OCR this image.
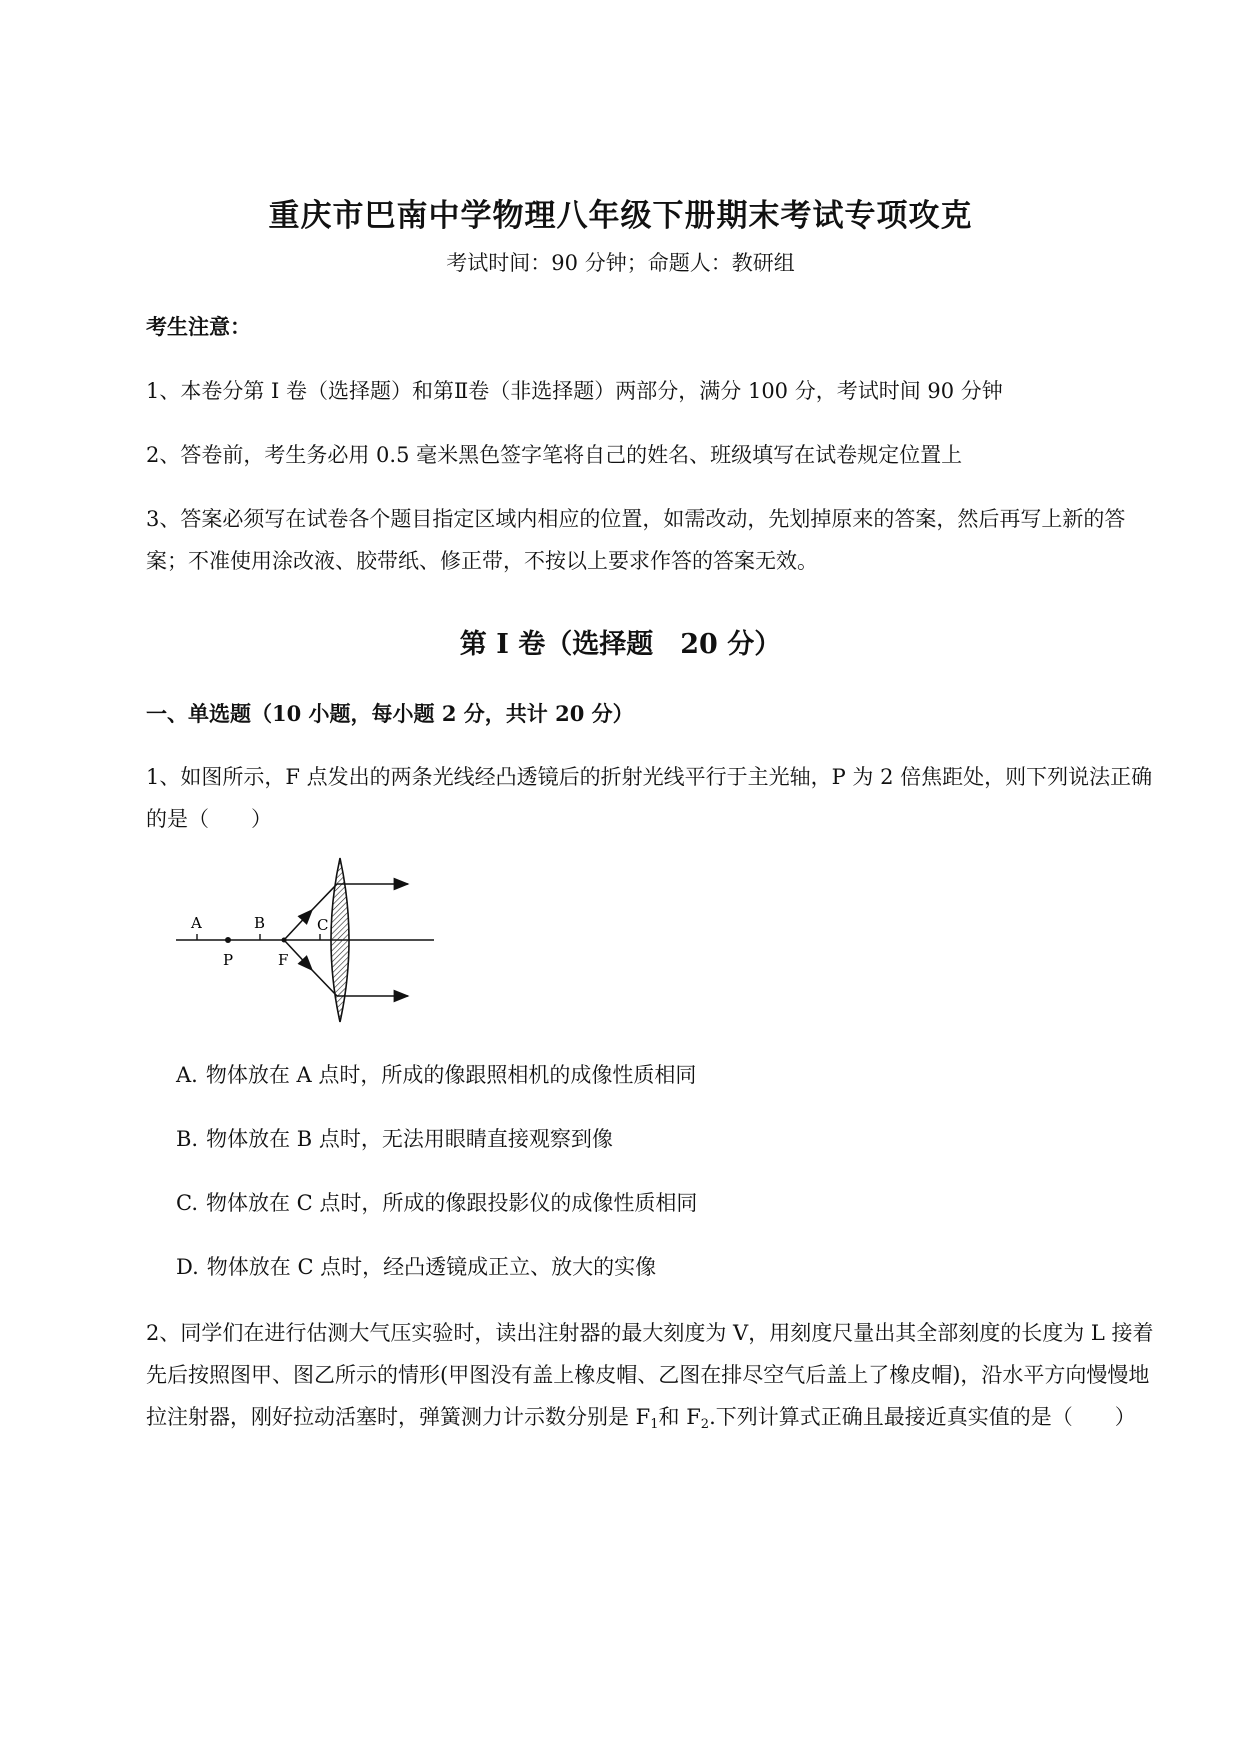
重庆市巴南中学物理八年级下册期末考试专项攻克
考试时间：90 分钟；命题人：教研组
考生注意：
1、本卷分第 I 卷（选择题）和第Ⅱ卷（非选择题）两部分，满分 100 分，考试时间 90 分钟
2、答卷前，考生务必用 0.5 毫米黑色签字笔将自己的姓名、班级填写在试卷规定位置上
3、答案必须写在试卷各个题目指定区域内相应的位置，如需改动，先划掉原来的答案，然后再写上新的答案；不准使用涂改液、胶带纸、修正带，不按以上要求作答的答案无效。
第 I 卷（选择题　20 分）
一、单选题（10 小题，每小题 2 分，共计 20 分）
1、如图所示，F 点发出的两条光线经凸透镜后的折射光线平行于主光轴，P 为 2 倍焦距处，则下列说法正确的是（　　）
A	B	C
P	F
A. 物体放在 A 点时，所成的像跟照相机的成像性质相同
B. 物体放在 B 点时，无法用眼睛直接观察到像
C. 物体放在 C 点时，所成的像跟投影仪的成像性质相同
D. 物体放在 C 点时，经凸透镜成正立、放大的实像
2、同学们在进行估测大气压实验时，读出注射器的最大刻度为 V，用刻度尺量出其全部刻度的长度为 L 接着先后按照图甲、图乙所示的情形(甲图没有盖上橡皮帽、乙图在排尽空气后盖上了橡皮帽)，沿水平方向慢慢地拉注射器，刚好拉动活塞时，弹簧测力计示数分别是 $F_1$和 $F_2$.下列计算式正确且最接近真实值的是（　　）
